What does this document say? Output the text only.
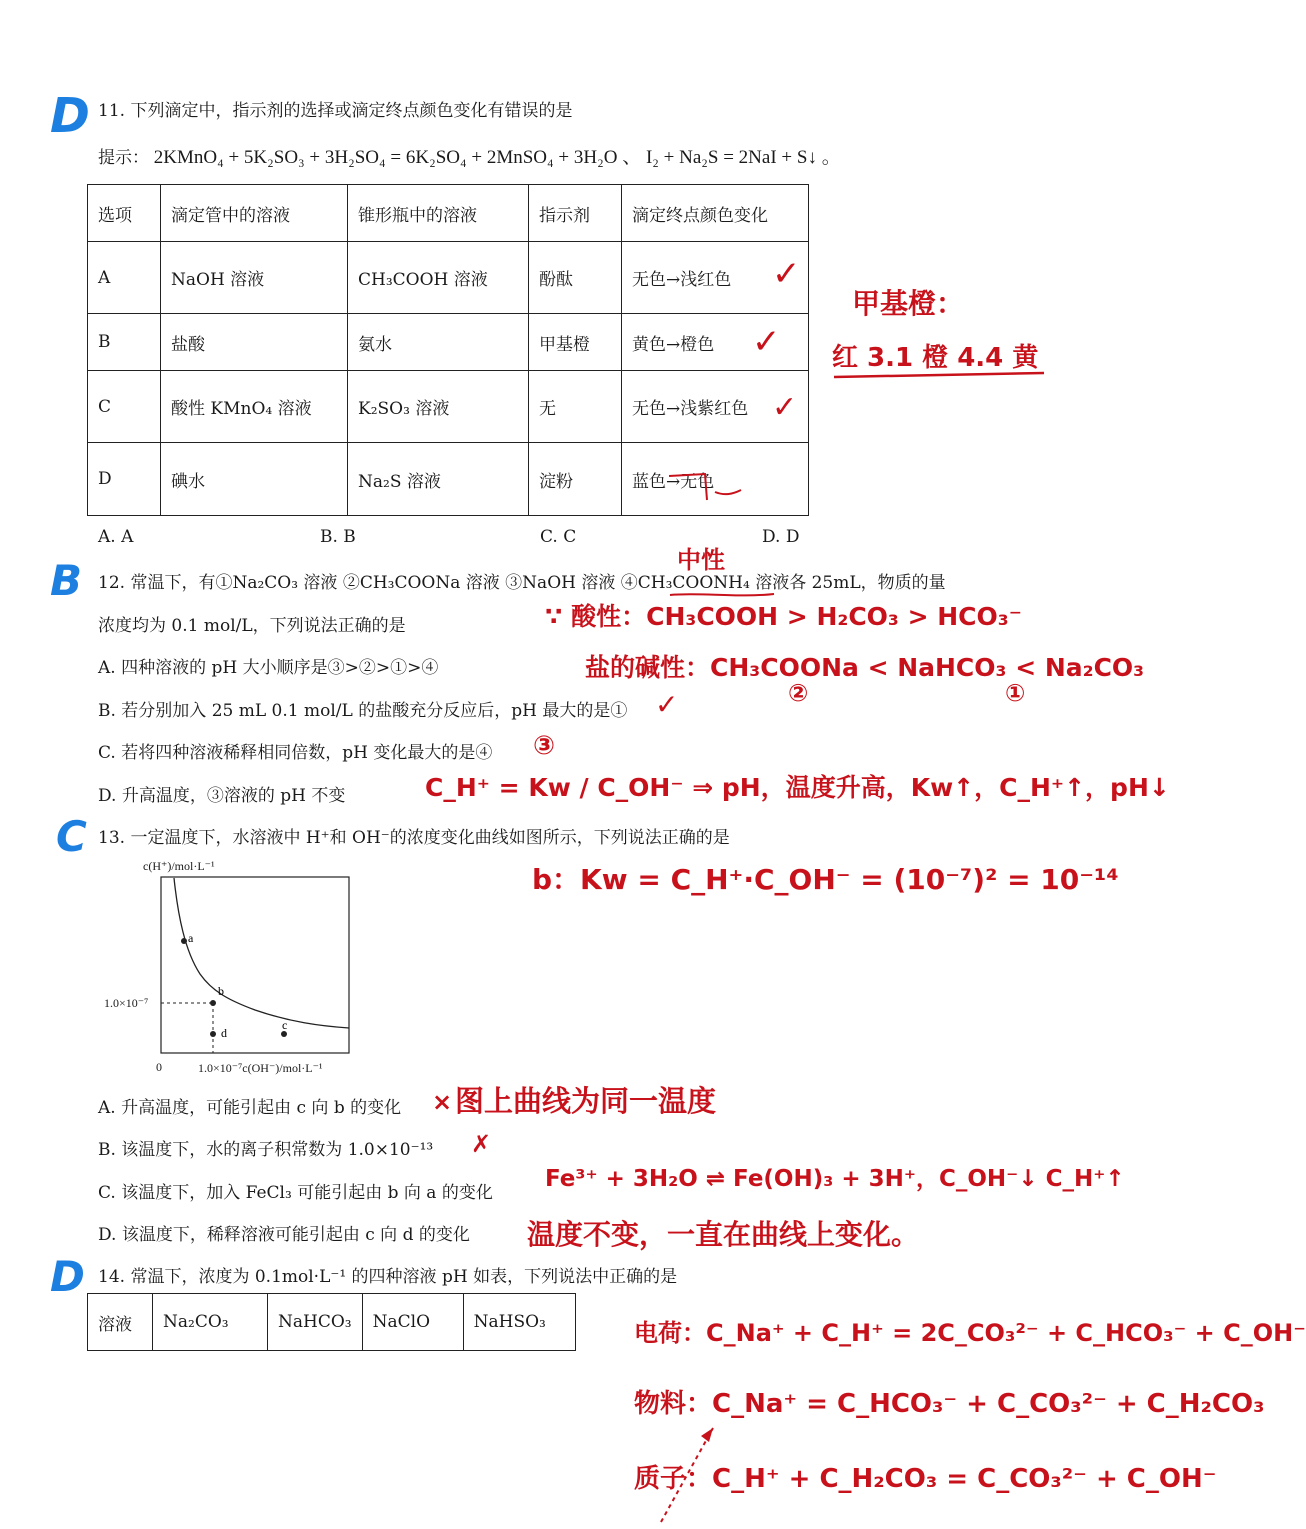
D 11. 下列滴定中，指示剂的选择或滴定终点颜色变化有错误的是
提示： 2KMnO₄ + 5K₂SO₃ + 3H₂SO₄ = 6K₂SO₄ + 2MnSO₄ + 3H₂O 、 I₂ + Na₂S = 2NaI + S↓ 。
选项	滴定管中的溶液	锥形瓶中的溶液	指示剂	滴定终点颜色变化
A	NaOH 溶液	CH₃COOH 溶液	酚酞	无色→浅红色
B	盐酸	氨水	甲基橙	黄色→橙色
C	酸性 KMnO₄ 溶液	K₂SO₃ 溶液	无	无色→浅紫红色
D	碘水	Na₂S 溶液	淀粉	蓝色→无色
A. A	B. B	C. C	D. D
✓
✓
✓
甲基橙：
红 3.1 橙 4.4 黄
B	中性
12. 常温下，有①Na₂CO₃ 溶液 ②CH₃COONa 溶液 ③NaOH 溶液 ④CH₃COONH₄ 溶液各 25mL，物质的量
浓度均为 0.1 mol/L，下列说法正确的是
A. 四种溶液的 pH 大小顺序是③>②>①>④
B. 若分别加入 25 mL 0.1 mol/L 的盐酸充分反应后，pH 最大的是①
C. 若将四种溶液稀释相同倍数，pH 变化最大的是④
D. 升高温度，③溶液的 pH 不变
✓
③
∵ 酸性：CH₃COOH > H₂CO₃ > HCO₃⁻
盐的碱性：CH₃COONa < NaHCO₃ < Na₂CO₃
②	①
C_H⁺ = Kw / C_OH⁻ ⇒ pH，温度升高，Kw↑，C_H⁺↑，pH↓
C 13. 一定温度下，水溶液中 H⁺和 OH⁻的浓度变化曲线如图所示，下列说法正确的是
b：Kw = C_H⁺·C_OH⁻ = (10⁻⁷)² = 10⁻¹⁴
c(H⁺)/mol·L⁻¹
1.0×10⁻⁷
0	1.0×10⁻⁷c(OH⁻)/mol·L⁻¹
a
b
c
d
A. 升高温度，可能引起由 c 向 b 的变化
B. 该温度下，水的离子积常数为 1.0×10⁻¹³
C. 该温度下，加入 FeCl₃ 可能引起由 b 向 a 的变化
D. 该温度下，稀释溶液可能引起由 c 向 d 的变化
× 图上曲线为同一温度
✗
Fe³⁺ + 3H₂O ⇌ Fe(OH)₃ + 3H⁺，C_OH⁻↓ C_H⁺↑
温度不变，一直在曲线上变化。
D 14. 常温下，浓度为 0.1mol·L⁻¹ 的四种溶液 pH 如表，下列说法中正确的是
溶液	Na₂CO₃	NaHCO₃	NaClO	NaHSO₃	电荷：C_Na⁺ + C_H⁺ = 2C_CO₃²⁻ + C_HCO₃⁻ + C_OH⁻
物料：C_Na⁺ = C_HCO₃⁻ + C_CO₃²⁻ + C_H₂CO₃
质子：C_H⁺ + C_H₂CO₃ = C_CO₃²⁻ + C_OH⁻
